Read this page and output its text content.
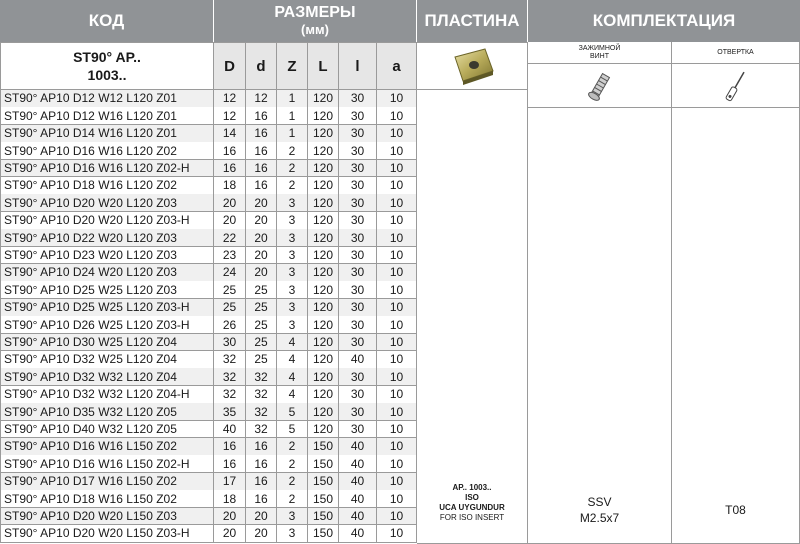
КОД	РАЗМЕРЫ
(мм)	ПЛАСТИНА	КОМПЛЕКТАЦИЯ
ST90° AP..
1003..
D	d	Z	L	l	a
ЗАЖИМНОЙ
ВИНТ
ОТВЕРТКА
ST90° AP10 D12 W12 L120 Z01	12	12	1	120	30	10
ST90° AP10 D12 W16 L120 Z01	12	16	1	120	30	10
ST90° AP10 D14 W16 L120 Z01	14	16	1	120	30	10
ST90° AP10 D16 W16 L120 Z02	16	16	2	120	30	10
ST90° AP10 D16 W16 L120 Z02-H	16	16	2	120	30	10
ST90° AP10 D18 W16 L120 Z02	18	16	2	120	30	10
ST90° AP10 D20 W20 L120 Z03	20	20	3	120	30	10
ST90° AP10 D20 W20 L120 Z03-H	20	20	3	120	30	10
ST90° AP10 D22 W20 L120 Z03	22	20	3	120	30	10
ST90° AP10 D23 W20 L120 Z03	23	20	3	120	30	10
ST90° AP10 D24 W20 L120 Z03	24	20	3	120	30	10
ST90° AP10 D25 W25 L120 Z03	25	25	3	120	30	10
ST90° AP10 D25 W25 L120 Z03-H	25	25	3	120	30	10
ST90° AP10 D26 W25 L120 Z03-H	26	25	3	120	30	10
ST90° AP10 D30 W25 L120 Z04	30	25	4	120	30	10
ST90° AP10 D32 W25 L120 Z04	32	25	4	120	40	10
ST90° AP10 D32 W32 L120 Z04	32	32	4	120	30	10
ST90° AP10 D32 W32 L120 Z04-H	32	32	4	120	30	10
ST90° AP10 D35 W32 L120 Z05	35	32	5	120	30	10
ST90° AP10 D40 W32 L120 Z05	40	32	5	120	30	10
ST90° AP10 D16 W16 L150 Z02	16	16	2	150	40	10
ST90° AP10 D16 W16 L150 Z02-H	16	16	2	150	40	10
ST90° AP10 D17 W16 L150 Z02	17	16	2	150	40	10
ST90° AP10 D18 W16 L150 Z02	18	16	2	150	40	10
ST90° AP10 D20 W20 L150 Z03	20	20	3	150	40	10
ST90° AP10 D20 W20 L150 Z03-H	20	20	3	150	40	10
AP.. 1003..
ISO
UCA UYGUNDUR
FOR ISO INSERT
SSV
M2.5x7
T08
